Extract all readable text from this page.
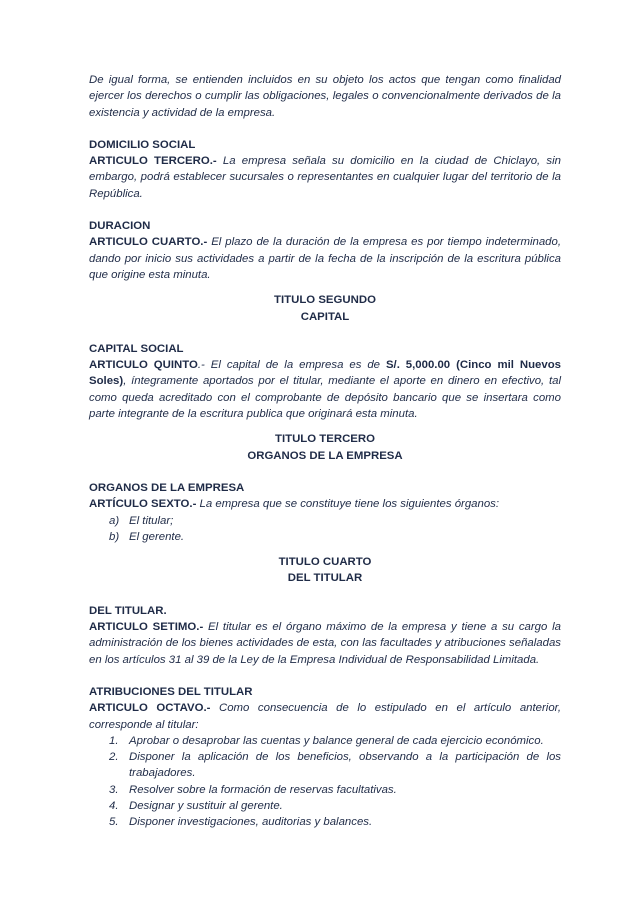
De igual forma, se entienden incluidos en su objeto los actos que tengan como finalidad ejercer los derechos o cumplir las obligaciones, legales o convencionalmente derivados de la existencia y actividad de la empresa.

DOMICILIO SOCIAL

ARTICULO TERCERO.- La empresa señala su domicilio en la ciudad de Chiclayo, sin embargo, podrá establecer sucursales o representantes en cualquier lugar del territorio de la República.

DURACION

ARTICULO CUARTO.- El plazo de la duración de la empresa es por tiempo indeterminado, dando por inicio sus actividades a partir de la fecha de la inscripción de la escritura pública que origine esta minuta.

TITULO SEGUNDO

CAPITAL

CAPITAL SOCIAL

ARTICULO QUINTO.- El capital de la empresa es de S/. 5,000.00 (Cinco mil Nuevos Soles), íntegramente aportados por el titular, mediante el aporte en dinero en efectivo, tal como queda acreditado con el comprobante de depósito bancario que se insertara como parte integrante de la escritura publica que originará esta minuta.

TITULO TERCERO

ORGANOS DE LA EMPRESA

ORGANOS DE LA EMPRESA

ARTÍCULO SEXTO.- La empresa que se constituye tiene los siguientes órganos:

a) El titular;
b) El gerente.

TITULO CUARTO

DEL TITULAR

DEL TITULAR.

ARTICULO SETIMO.- El titular es el órgano máximo de la empresa y tiene a su cargo la administración de los bienes actividades de esta, con las facultades y atribuciones señaladas en los artículos 31 al 39 de la Ley de la Empresa Individual de Responsabilidad Limitada.

ATRIBUCIONES DEL TITULAR

ARTICULO OCTAVO.- Como consecuencia de lo estipulado en el artículo anterior, corresponde al titular:

1. Aprobar o desaprobar las cuentas y balance general de cada ejercicio económico.
2. Disponer la aplicación de los beneficios, observando a la participación de los trabajadores.
3. Resolver sobre la formación de reservas facultativas.
4. Designar y sustituir al gerente.
5. Disponer investigaciones, auditorias y balances.
